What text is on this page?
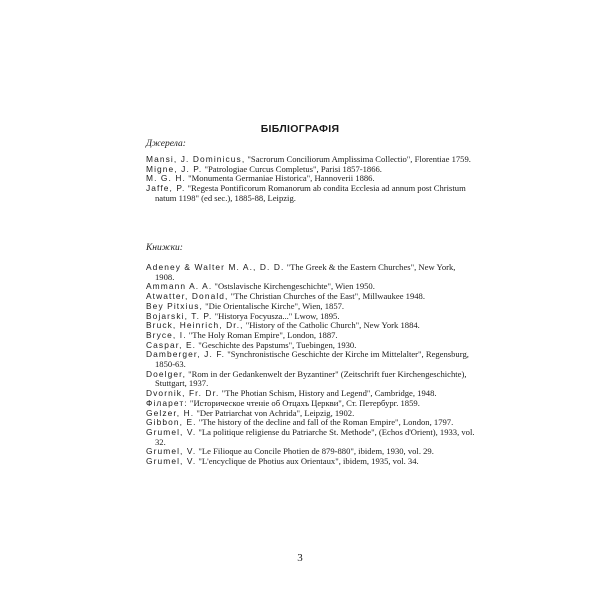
БІБЛІОГРАФІЯ
Джерела:
Mansi, J. Dominicus, "Sacrorum Conciliorum Amplissima Collectio", Florentiae 1759.
Migne, J. P. "Patrologiae Curcus Completus", Parisi 1857-1866.
M. G. H. "Monumenta Germaniae Historica", Hannoverii 1886.
Jaffe, P. "Regesta Pontificorum Romanorum ab condita Ecclesia ad annum post Christum natum 1198" (ed sec.), 1885-88, Leipzig.
Книжки:
Adeney & Walter M. A., D. D. "The Greek & the Eastern Churches", New York, 1908.
Ammann A. A. "Ostslavische Kirchengeschichte", Wien 1950.
Atwatter, Donald, "The Christian Churches of the East", Millwaukee 1948.
Bey Pitxius, "Die Orientalische Kirche", Wien, 1857.
Bojarski, T. P. "Historya Focyusza..." Lwow, 1895.
Bruck, Heinrich, Dr., "History of the Catholic Church", New York 1884.
Bryce, I. "The Holy Roman Empire", London, 1887.
Caspar, E. "Geschichte des Papstums", Tuebingen, 1930.
Damberger, J. F. "Synchronistische Geschichte der Kirche im Mittelalter", Regensburg, 1850-63.
Doelger, "Rom in der Gedankenwelt der Byzantiner" (Zeitschrift fuer Kirchengeschichte), Stuttgart, 1937.
Dvornik, Fr. Dr. "The Photian Schism, History and Legend", Cambridge, 1948.
Філарет: "Историческое чтеніе об Отцахъ Церкви", Ст. Петербург. 1859.
Gelzer, H. "Der Patriarchat von Achrida", Leipzig, 1902.
Gibbon, E. "The history of the decline and fall of the Roman Empire", London, 1797.
Grumel, V. "La politique religiense du Patriarche St. Methode", (Echos d'Orient), 1933, vol. 32.
Grumel, V. "Le Filioque au Concile Photien de 879-880", ibidem, 1930, vol. 29.
Grumel, V. "L'encyclique de Photius aux Orientaux", ibidem, 1935, vol. 34.
3
